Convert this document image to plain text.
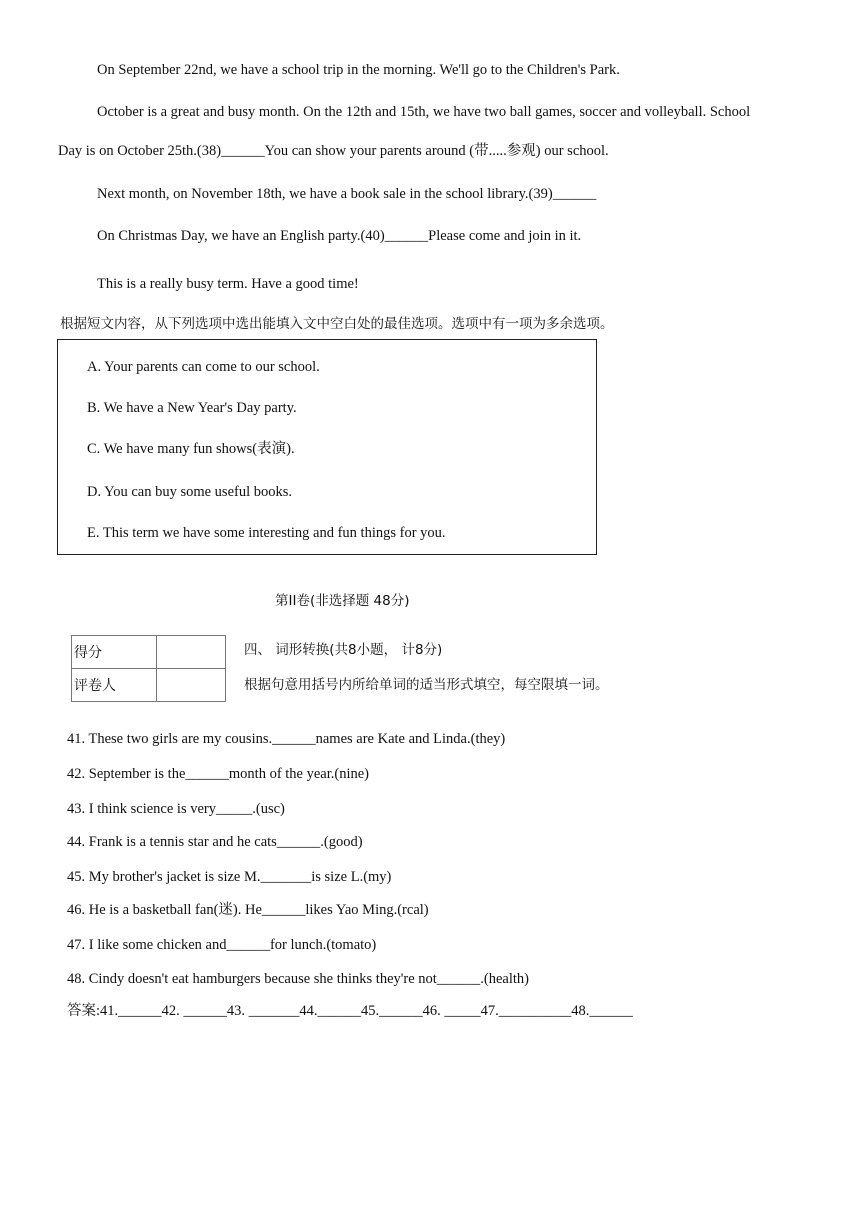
On September 22nd, we have a school trip in the morning. We'll go to the Children's Park.
October is a great and busy month. On the 12th and 15th, we have two ball games, soccer and volleyball. School
Day is on October 25th.(38)______You can show your parents around (带.....参观) our school.
Next month, on November 18th, we have a book sale in the school library.(39)______
On Christmas Day, we have an English party.(40)______Please come and join in it.
This is a really busy term. Have a good time!
根据短文内容，从下列选项中选出能填入文中空白处的最佳选项。选项中有一项为多余选项。
A. Your parents can come to our school.
B. We have a New Year's Day party.
C. We have many fun shows(表演).
D. You can buy some useful books.
E. This term we have some interesting and fun things for you.
第II卷(非选择题 48分)
得分	
评卷人	
四、 词形转换(共8小题， 计8分)
根据句意用括号内所给单词的适当形式填空，每空限填一词。
41. These two girls are my cousins.______names are Kate and Linda.(they)
42. September is the______month of the year.(nine)
43. I think science is very_____.(usc)
44. Frank is a tennis star and he cats______.(good)
45. My brother's jacket is size M._______is size L.(my)
46. He is a basketball fan(迷). He______likes Yao Ming.(rcal)
47. I like some chicken and______for lunch.(tomato)
48. Cindy doesn't eat hamburgers because she thinks they're not______.(health)
答案:41.______42. ______43. _______44.______45.______46. _____47.__________48.______
